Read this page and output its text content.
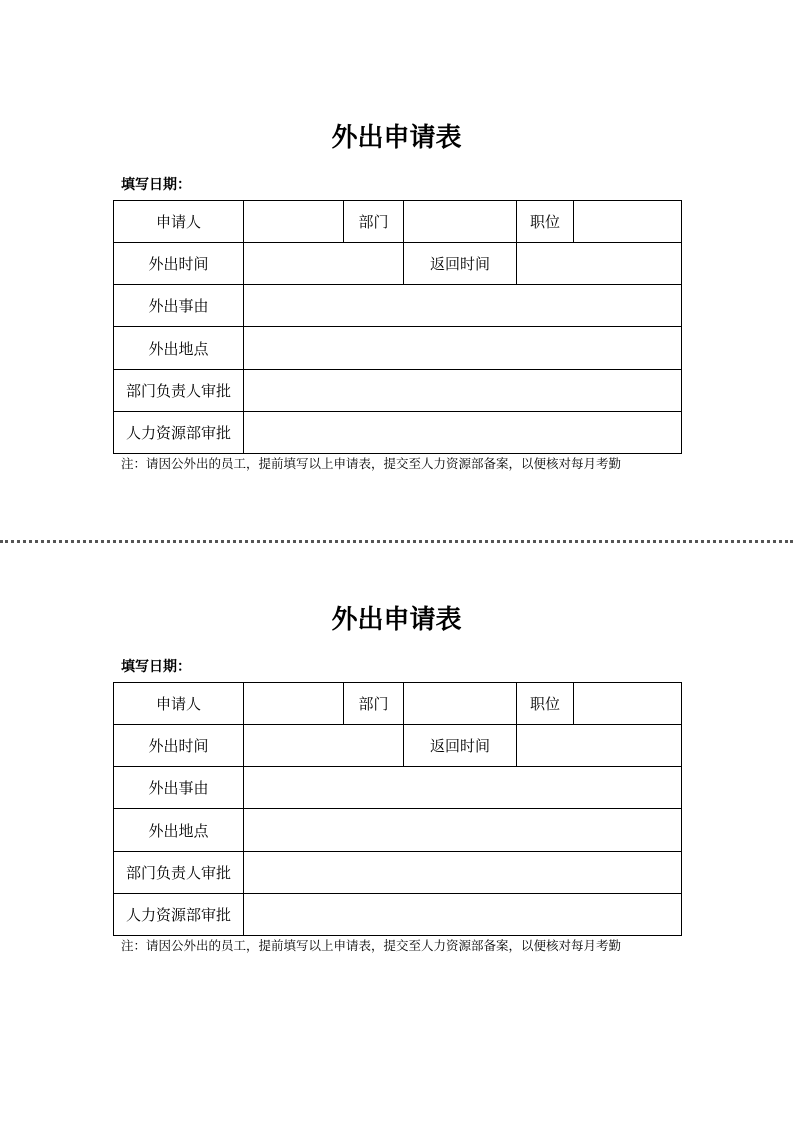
外出申请表
填写日期：
申请人		部门		职位	
外出时间			返回时间		
外出事由					
外出地点					
部门负责人审批					
人力资源部审批					
注：请因公外出的员工，提前填写以上申请表，提交至人力资源部备案，以便核对每月考勤
外出申请表
填写日期：
申请人		部门		职位	
外出时间			返回时间		
外出事由					
外出地点					
部门负责人审批					
人力资源部审批					
注：请因公外出的员工，提前填写以上申请表，提交至人力资源部备案，以便核对每月考勤
